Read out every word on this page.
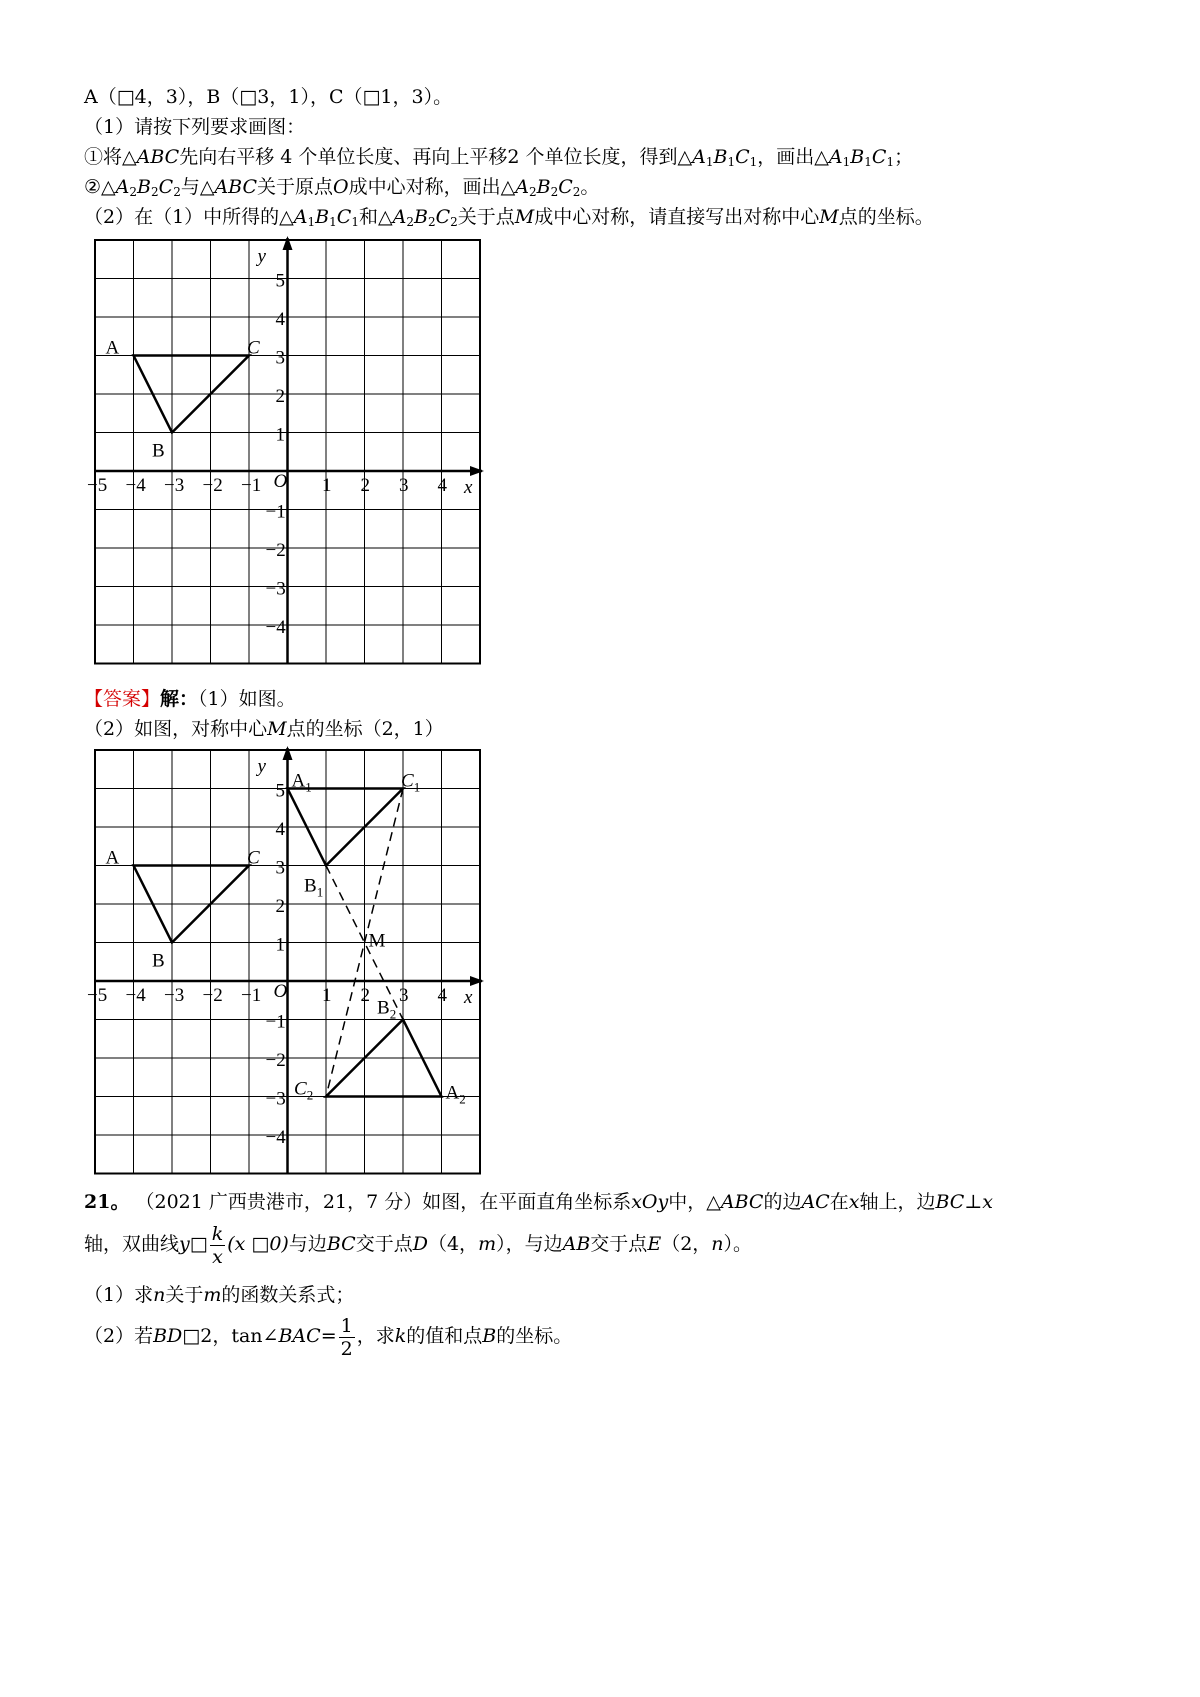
A（□4，3），B（□3，1），C（□1，3）。
（1）请按下列要求画图：
①将△ABC先向右平移 4 个单位长度、再向上平移2 个单位长度，得到$\triangle A_1B_1C_1$，画出$\triangle A_1B_1C_1$；
$②\triangle A_2B_2C_2$与△ABC关于原点O成中心对称，画出$\triangle A_2B_2C_2$。
（2）在（1）中所得的$\triangle A_1B_1C_1$和$\triangle A_2B_2C_2$关于点M成中心对称，请直接写出对称中心M点的坐标。
−5 −4 −3 −2 −1	1 2 3 4
5
4
3
2
1
−1
−2
−3
−4
O	x
y
A
B
C
【答案】解：（1）如图。
（2）如图，对称中心M点的坐标（2，1）
−5 −4 −3 −2 −1	1 2 3 4
5
4
3
2
1
−1
−2
−3
−4
O	x
y
A
B
C
$A_1$
$B_1$
$C_1$
$A_2$
$B_2$
$C_2$
M
21。 （2021 广西贵港市，21，7 分）如图，在平面直角坐标系xOy中，△ABC的边AC在x轴上，边BC⊥x
轴，双曲线y□ $\frac{k}{x} (x$ □0)与边BC交于点D（4，m），与边AB交于点E（2，n）。
（1）求n关于m的函数关系式；
（2）若BD□2，tan∠BAC= $\frac{1}{2}$ ，求k的值和点B的坐标。
